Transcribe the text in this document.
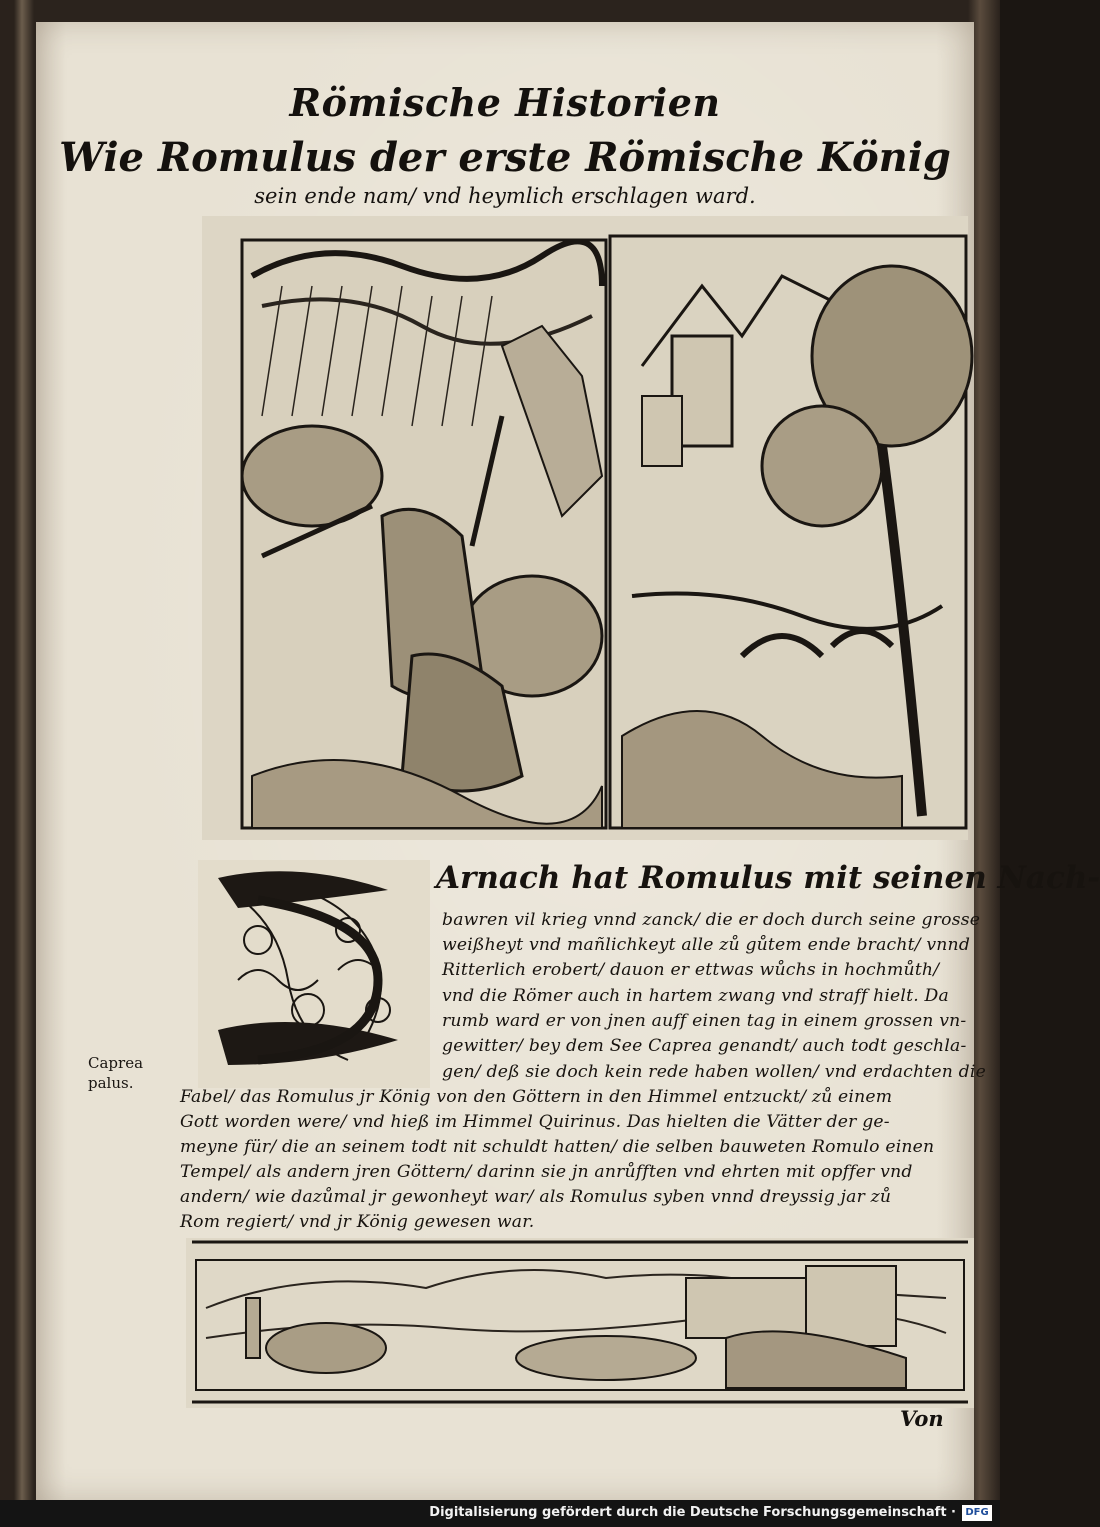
Römische Historien
Wie Romulus der erste Römische König
sein ende nam/ vnd heymlich erschlagen ward.
Arnach hat Romulus mit seinen Nach-
bawren vil krieg vnnd zanck/ die er doch durch seine grosse
weißheyt vnd mañlichkeyt alle zů gůtem ende bracht/ vnnd
Ritterlich erobert/ dauon er ettwas wůchs in hochmůth/
vnd die Römer auch in hartem zwang vnd straff hielt. Da
rumb ward er von jnen auff einen tag in einem grossen vn-
gewitter/ bey dem See Caprea genandt/ auch todt geschla-
gen/ deß sie doch kein rede haben wollen/ vnd erdachten die
Fabel/ das Romulus jr König von den Göttern in den Himmel entzuckt/ zů einem
Gott worden were/ vnd hieß im Himmel Quirinus. Das hielten die Vätter der ge-
meyne für/ die an seinem todt nit schuldt hatten/ die selben bauweten Romulo einen
Tempel/ als andern jren Göttern/ darinn sie jn anrůfften vnd ehrten mit opffer vnd
andern/ wie dazůmal jr gewonheyt war/ als Romulus syben vnnd dreyssig jar zů
Rom regiert/ vnd jr König gewesen war.
Caprea
palus.
Von
Digitalisierung gefördert durch die Deutsche Forschungsgemeinschaft · DFG
